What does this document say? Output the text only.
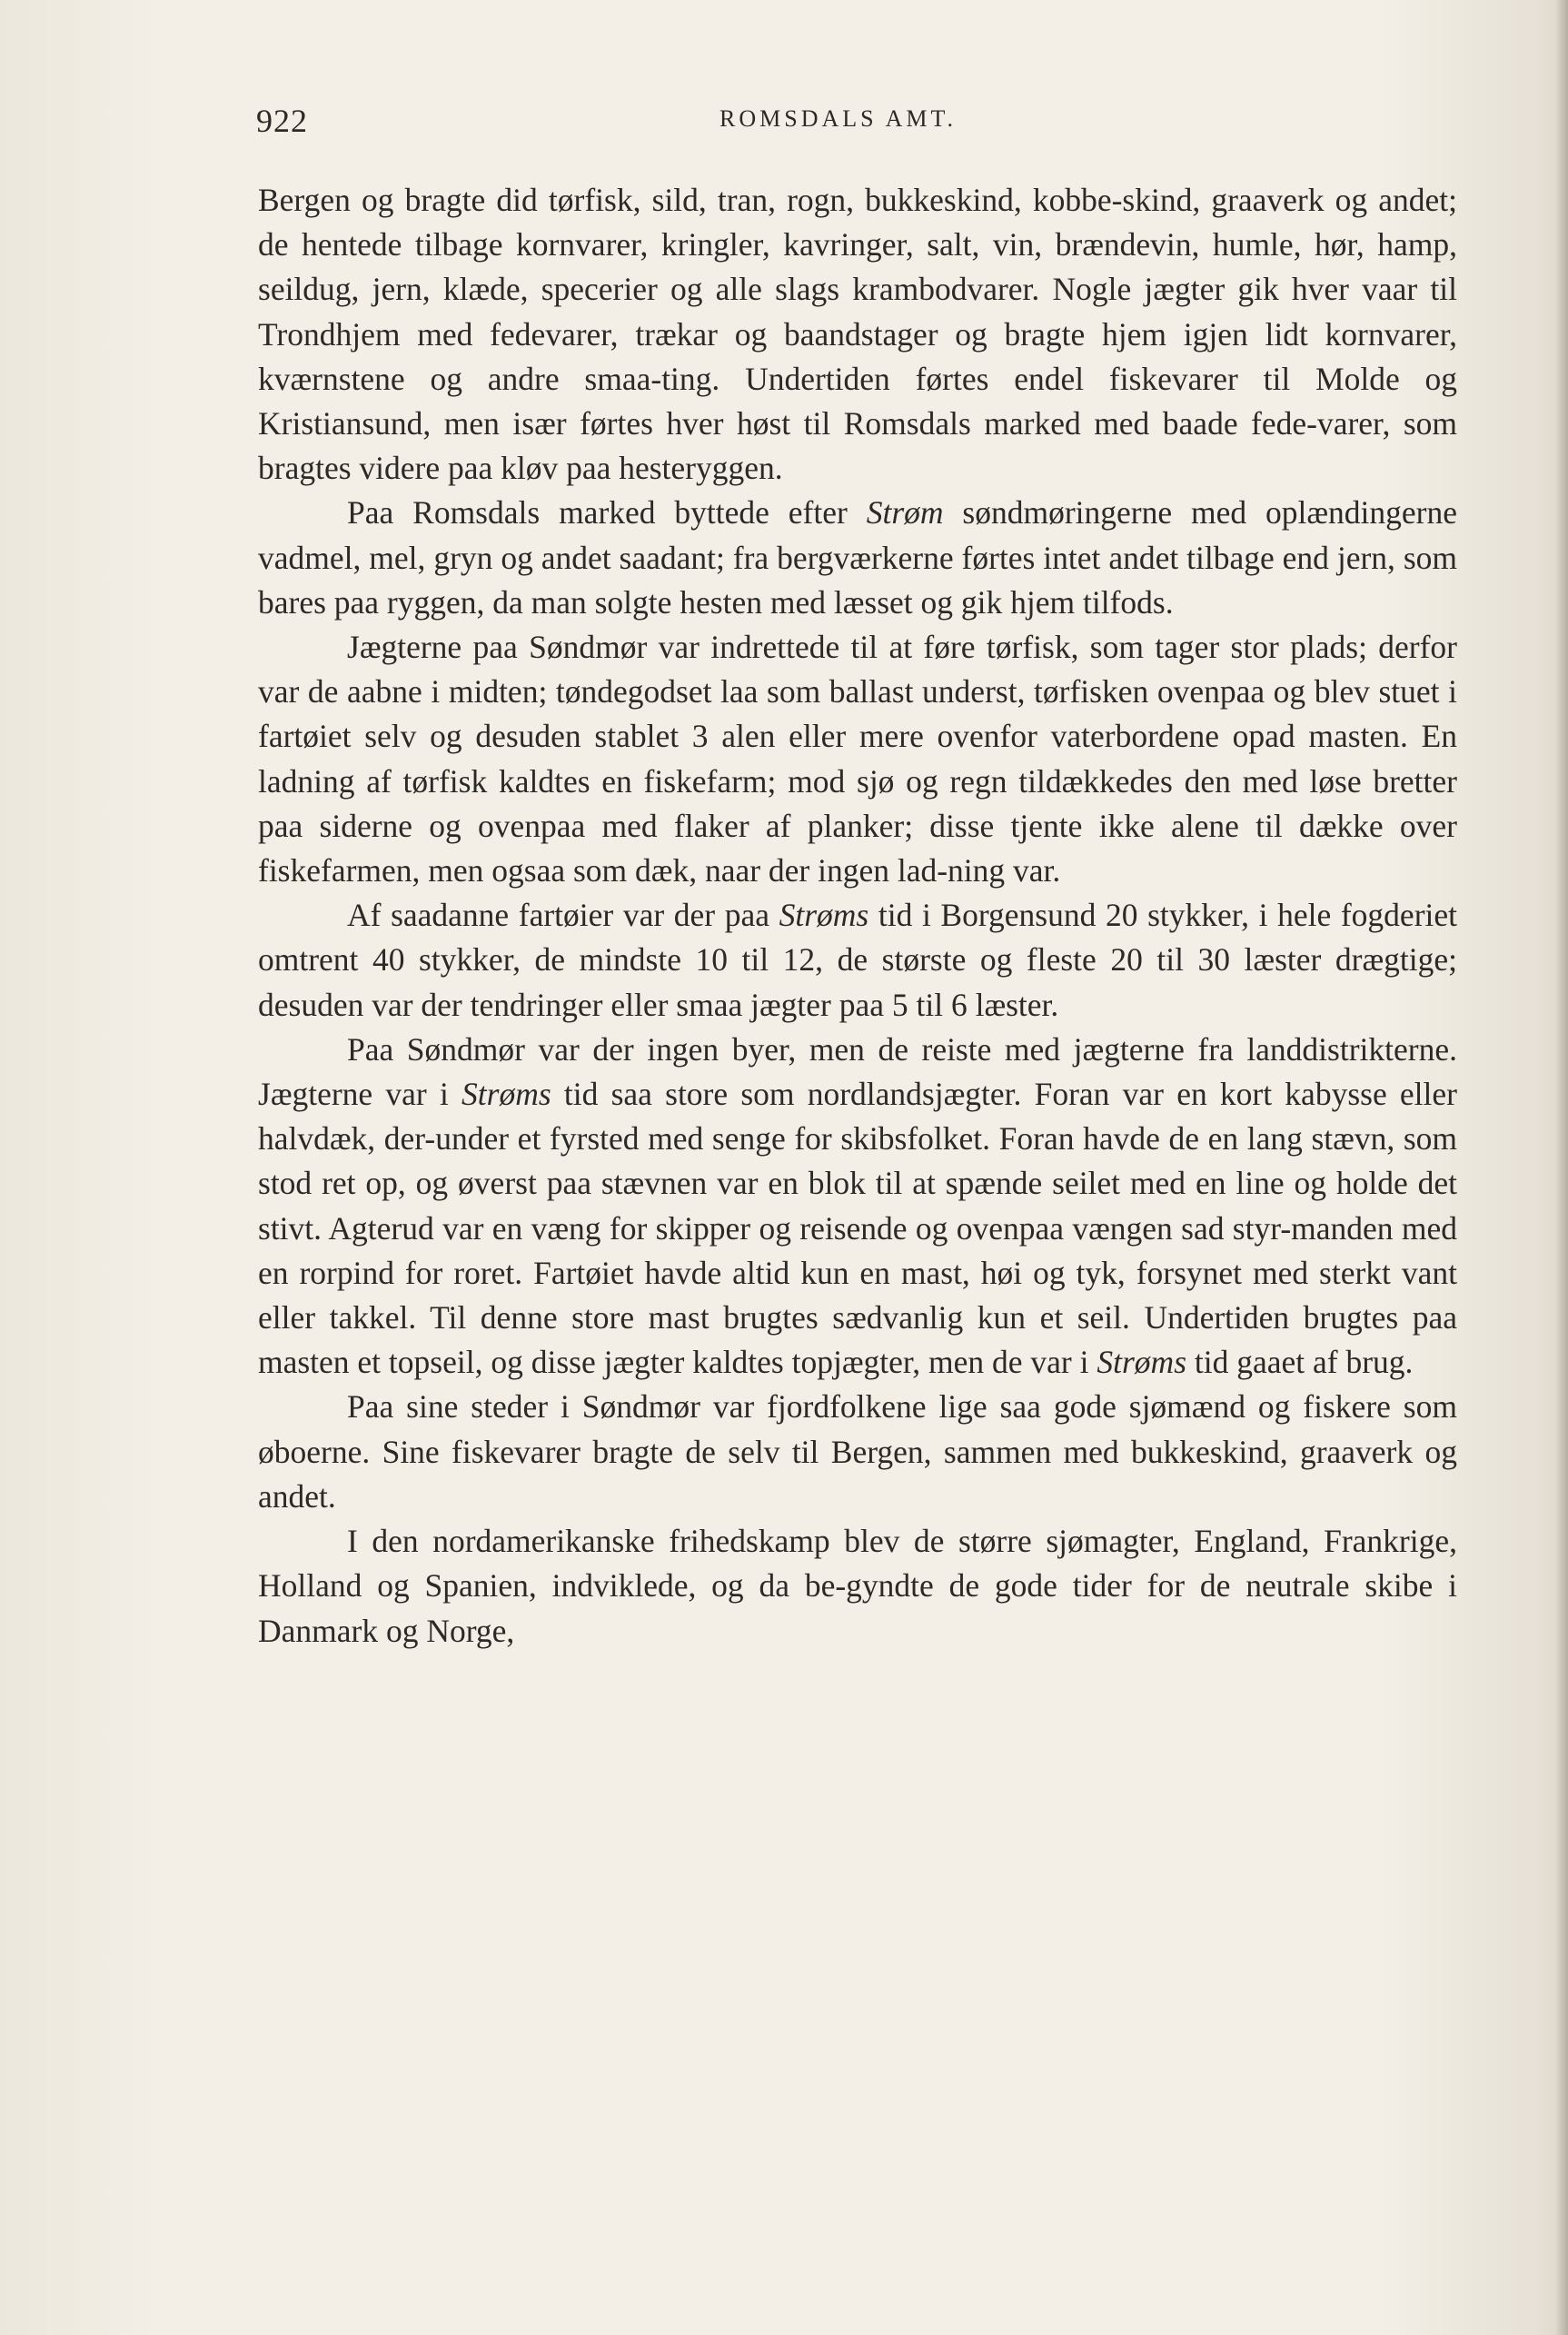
922	ROMSDALS AMT.

Bergen og bragte did tørfisk, sild, tran, rogn, bukkeskind, kobbe-skind, graaverk og andet; de hentede tilbage kornvarer, kringler, kavringer, salt, vin, brændevin, humle, hør, hamp, seildug, jern, klæde, specerier og alle slags krambodvarer. Nogle jægter gik hver vaar til Trondhjem med fedevarer, trækar og baandstager og bragte hjem igjen lidt kornvarer, kværnstene og andre smaa-ting. Undertiden førtes endel fiskevarer til Molde og Kristiansund, men især førtes hver høst til Romsdals marked med baade fede-varer, som bragtes videre paa kløv paa hesteryggen.

Paa Romsdals marked byttede efter Strøm søndmøringerne med oplændingerne vadmel, mel, gryn og andet saadant; fra bergværkerne førtes intet andet tilbage end jern, som bares paa ryggen, da man solgte hesten med læsset og gik hjem tilfods.

Jægterne paa Søndmør var indrettede til at føre tørfisk, som tager stor plads; derfor var de aabne i midten; tøndegodset laa som ballast underst, tørfisken ovenpaa og blev stuet i fartøiet selv og desuden stablet 3 alen eller mere ovenfor vaterbordene opad masten. En ladning af tørfisk kaldtes en fiskefarm; mod sjø og regn tildækkedes den med løse bretter paa siderne og ovenpaa med flaker af planker; disse tjente ikke alene til dække over fiskefarmen, men ogsaa som dæk, naar der ingen lad-ning var.

Af saadanne fartøier var der paa Strøms tid i Borgensund 20 stykker, i hele fogderiet omtrent 40 stykker, de mindste 10 til 12, de største og fleste 20 til 30 læster drægtige; desuden var der tendringer eller smaa jægter paa 5 til 6 læster.

Paa Søndmør var der ingen byer, men de reiste med jægterne fra landdistrikterne. Jægterne var i Strøms tid saa store som nordlandsjægter. Foran var en kort kabysse eller halvdæk, der-under et fyrsted med senge for skibsfolket. Foran havde de en lang stævn, som stod ret op, og øverst paa stævnen var en blok til at spænde seilet med en line og holde det stivt. Agterud var en væng for skipper og reisende og ovenpaa vængen sad styr-manden med en rorpind for roret. Fartøiet havde altid kun en mast, høi og tyk, forsynet med sterkt vant eller takkel. Til denne store mast brugtes sædvanlig kun et seil. Undertiden brugtes paa masten et topseil, og disse jægter kaldtes topjægter, men de var i Strøms tid gaaet af brug.

Paa sine steder i Søndmør var fjordfolkene lige saa gode sjømænd og fiskere som øboerne. Sine fiskevarer bragte de selv til Bergen, sammen med bukkeskind, graaverk og andet.

I den nordamerikanske frihedskamp blev de større sjømagter, England, Frankrige, Holland og Spanien, indviklede, og da be-gyndte de gode tider for de neutrale skibe i Danmark og Norge,
